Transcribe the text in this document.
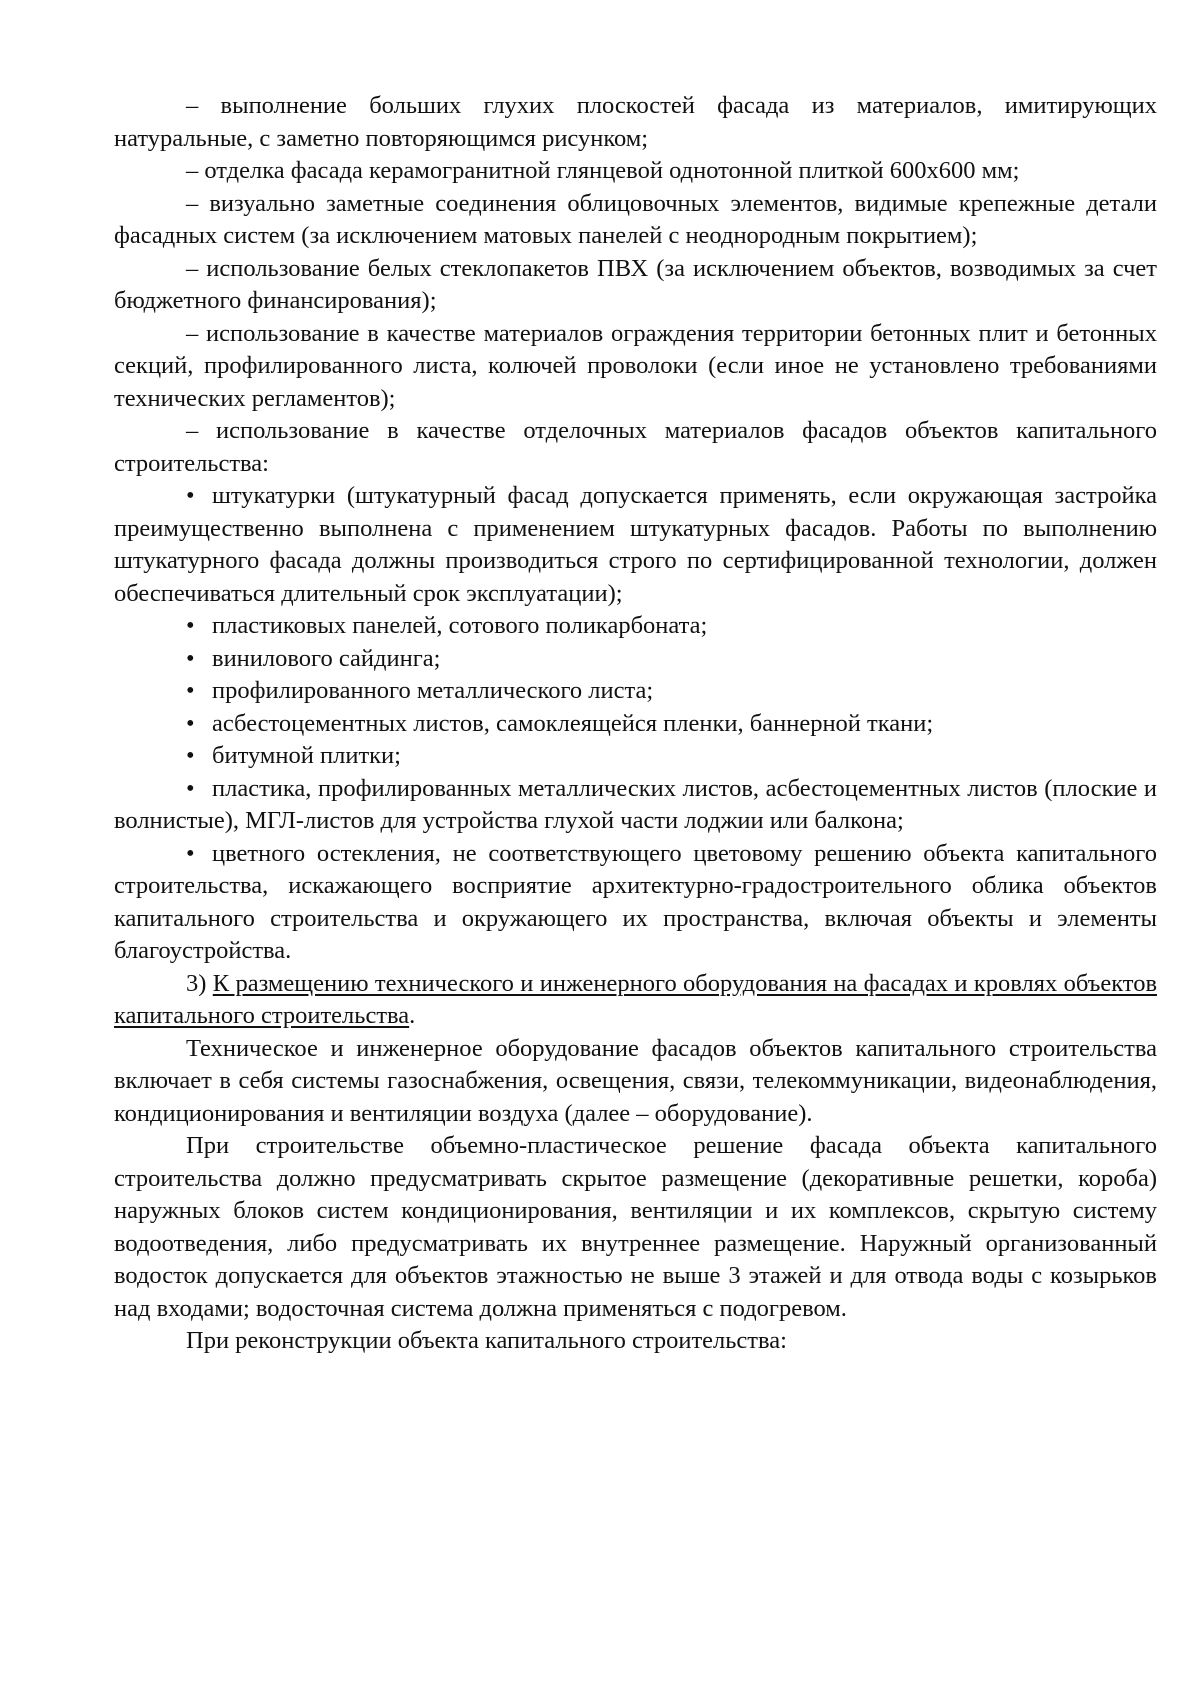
– выполнение больших глухих плоскостей фасада из материалов, имитирующих натуральные, с заметно повторяющимся рисунком;

– отделка фасада керамогранитной глянцевой однотонной плиткой 600х600 мм;

– визуально заметные соединения облицовочных элементов, видимые крепежные детали фасадных систем (за исключением матовых панелей с неоднородным покрытием);

– использование белых стеклопакетов ПВХ (за исключением объектов, возводимых за счет бюджетного финансирования);

– использование в качестве материалов ограждения территории бетонных плит и бетонных секций, профилированного листа, колючей проволоки (если иное не установлено требованиями технических регламентов);

– использование в качестве отделочных материалов фасадов объектов капитального строительства:

• штукатурки (штукатурный фасад допускается применять, если окружающая застройка преимущественно выполнена с применением штукатурных фасадов. Работы по выполнению штукатурного фасада должны производиться строго по сертифицированной технологии, должен обеспечиваться длительный срок эксплуатации);

• пластиковых панелей, сотового поликарбоната;

• винилового сайдинга;

• профилированного металлического листа;

• асбестоцементных листов, самоклеящейся пленки, баннерной ткани;

• битумной плитки;

• пластика, профилированных металлических листов, асбестоцементных листов (плоские и волнистые), МГЛ-листов для устройства глухой части лоджии или балкона;

• цветного остекления, не соответствующего цветовому решению объекта капитального строительства, искажающего восприятие архитектурно-градостроительного облика объектов капитального строительства и окружающего их пространства, включая объекты и элементы благоустройства.

3) К размещению технического и инженерного оборудования на фасадах и кровлях объектов капитального строительства.

Техническое и инженерное оборудование фасадов объектов капитального строительства включает в себя системы газоснабжения, освещения, связи, телекоммуникации, видеонаблюдения, кондиционирования и вентиляции воздуха (далее – оборудование).

При строительстве объемно-пластическое решение фасада объекта капитального строительства должно предусматривать скрытое размещение (декоративные решетки, короба) наружных блоков систем кондиционирования, вентиляции и их комплексов, скрытую систему водоотведения, либо предусматривать их внутреннее размещение. Наружный организованный водосток допускается для объектов этажностью не выше 3 этажей и для отвода воды с козырьков над входами; водосточная система должна применяться с подогревом.

При реконструкции объекта капитального строительства:
